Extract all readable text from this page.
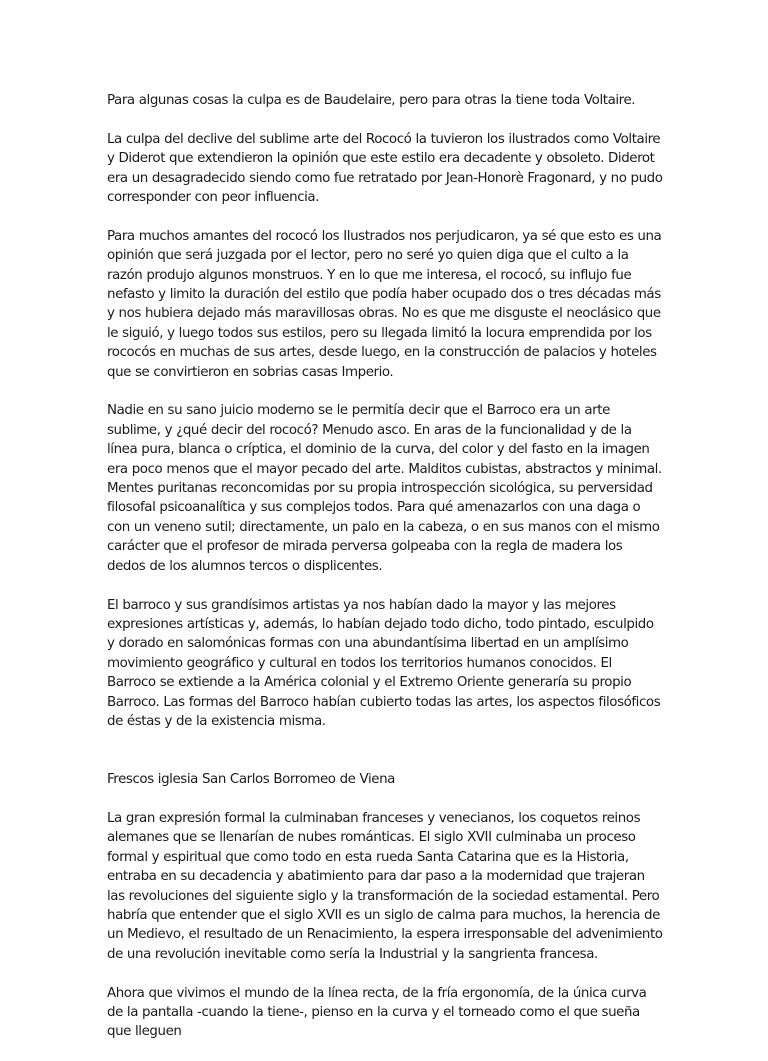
Para algunas cosas la culpa es de Baudelaire, pero para otras la tiene toda Voltaire.

La culpa del declive del sublime arte del Rococó la tuvieron los ilustrados como Voltaire y Diderot que extendieron la opinión que este estilo era decadente y obsoleto. Diderot era un desagradecido siendo como fue retratado por Jean-Honorè Fragonard, y no pudo corresponder con peor influencia.

Para muchos amantes del rococó los Ilustrados nos perjudicaron, ya sé que esto es una opinión que será juzgada por el lector, pero no seré yo quien diga que el culto a la razón produjo algunos monstruos. Y en lo que me interesa, el rococó, su influjo fue nefasto y limito la duración del estilo que podía haber ocupado dos o tres décadas más y nos hubiera dejado más maravillosas obras. No es que me disguste el neoclásico que le siguió, y luego todos sus estilos, pero su llegada limitó la locura emprendida por los rococós en muchas de sus artes, desde luego, en la construcción de palacios y hoteles que se convirtieron en sobrias casas Imperio.

Nadie en su sano juicio moderno se le permitía decir que el Barroco era un arte sublime, y ¿qué decir del rococó? Menudo asco. En aras de la funcionalidad y de la línea pura, blanca o críptica, el dominio de la curva, del color y del fasto en la imagen era poco menos que el mayor pecado del arte. Malditos cubistas, abstractos y minimal. Mentes puritanas reconcomidas por su propia introspección sicológica, su perversidad filosofal psicoanalítica y sus complejos todos. Para qué amenazarlos con una daga o con un veneno sutil; directamente, un palo en la cabeza, o en sus manos con el mismo carácter que el profesor de mirada perversa golpeaba con la regla de madera los dedos de los alumnos tercos o displicentes.

El barroco y sus grandísimos artistas ya nos habían dado la mayor y las mejores expresiones artísticas y, además, lo habían dejado todo dicho, todo pintado, esculpido y dorado en salomónicas formas con una abundantísima libertad en un amplísimo movimiento geográfico y cultural en todos los territorios humanos conocidos. El Barroco se extiende a la América colonial y el Extremo Oriente generaría su propio Barroco. Las formas del Barroco habían cubierto todas las artes, los aspectos filosóficos de éstas y de la existencia misma.

Frescos iglesia San Carlos Borromeo de Viena

La gran expresión formal la culminaban franceses y venecianos, los coquetos reinos alemanes que se llenarían de nubes románticas. El siglo XVII culminaba un proceso formal y espiritual que como todo en esta rueda Santa Catarina que es la Historia, entraba en su decadencia y abatimiento para dar paso a la modernidad que trajeran las revoluciones del siguiente siglo y la transformación de la sociedad estamental. Pero habría que entender que el siglo XVII es un siglo de calma para muchos, la herencia de un Medievo, el resultado de un Renacimiento, la espera irresponsable del advenimiento de una revolución inevitable como sería la Industrial y la sangrienta francesa.

Ahora que vivimos el mundo de la línea recta, de la fría ergonomía, de la única curva de la pantalla -cuando la tiene-, pienso en la curva y el torneado como el que sueña que lleguen
